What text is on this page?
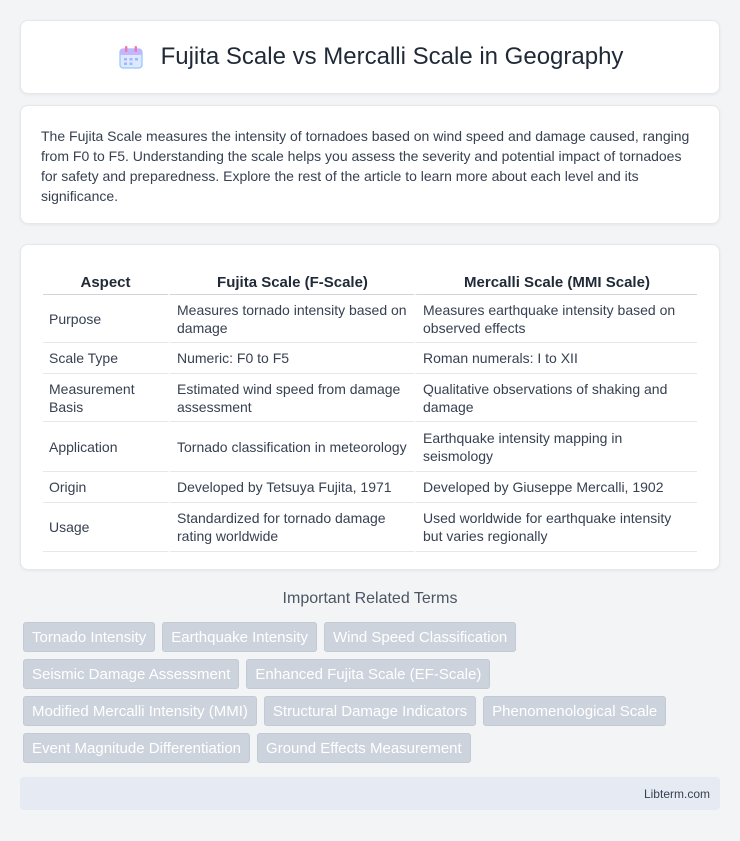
Fujita Scale vs Mercalli Scale in Geography

The Fujita Scale measures the intensity of tornadoes based on wind speed and damage caused, ranging from F0 to F5. Understanding the scale helps you assess the severity and potential impact of tornadoes for safety and preparedness. Explore the rest of the article to learn more about each level and its significance.

Aspect	Fujita Scale (F-Scale)	Mercalli Scale (MMI Scale)
Purpose	Measures tornado intensity based on damage	Measures earthquake intensity based on observed effects
Scale Type	Numeric: F0 to F5	Roman numerals: I to XII
Measurement Basis	Estimated wind speed from damage assessment	Qualitative observations of shaking and damage
Application	Tornado classification in meteorology	Earthquake intensity mapping in seismology
Origin	Developed by Tetsuya Fujita, 1971	Developed by Giuseppe Mercalli, 1902
Usage	Standardized for tornado damage rating worldwide	Used worldwide for earthquake intensity but varies regionally
Important Related Terms
Tornado Intensity	Earthquake Intensity	Wind Speed Classification
Seismic Damage Assessment	Enhanced Fujita Scale (EF-Scale)
Modified Mercalli Intensity (MMI)	Structural Damage Indicators	Phenomenological Scale
Event Magnitude Differentiation	Ground Effects Measurement
Libterm.com
